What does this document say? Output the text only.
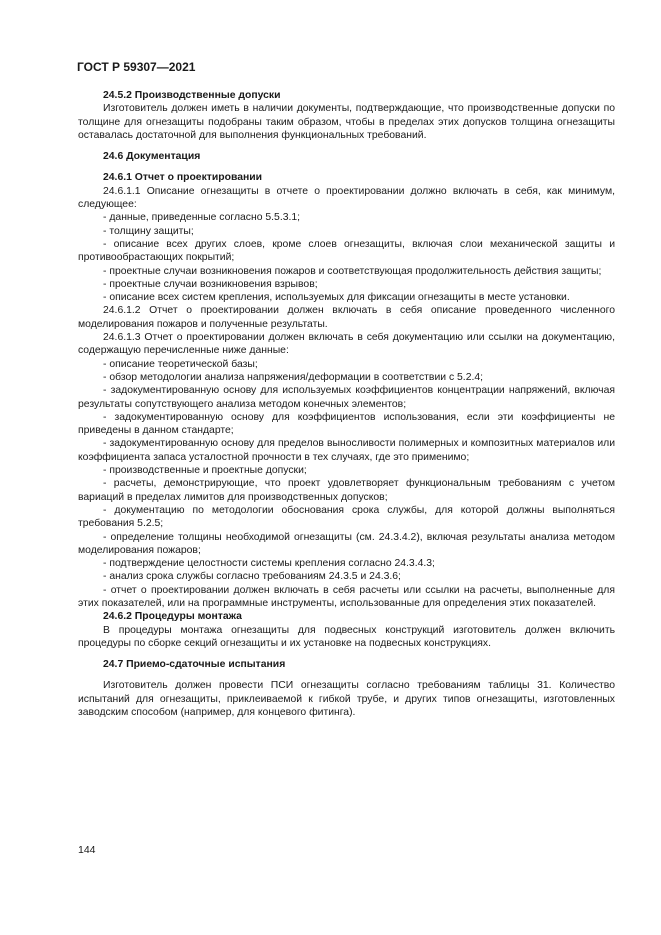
ГОСТ Р 59307—2021

24.5.2 Производственные допуски

Изготовитель должен иметь в наличии документы, подтверждающие, что производственные допуски по толщине для огнезащиты подобраны таким образом, чтобы в пределах этих допусков толщина огнезащиты оставалась достаточной для выполнения функциональных требований.

24.6 Документация

24.6.1 Отчет о проектировании

24.6.1.1 Описание огнезащиты в отчете о проектировании должно включать в себя, как минимум, следующее:

- данные, приведенные согласно 5.5.3.1;

- толщину защиты;

- описание всех других слоев, кроме слоев огнезащиты, включая слои механической защиты и противообрастающих покрытий;

- проектные случаи возникновения пожаров и соответствующая продолжительность действия защиты;

- проектные случаи возникновения взрывов;

- описание всех систем крепления, используемых для фиксации огнезащиты в месте установки.

24.6.1.2 Отчет о проектировании должен включать в себя описание проведенного численного моделирования пожаров и полученные результаты.

24.6.1.3 Отчет о проектировании должен включать в себя документацию или ссылки на документацию, содержащую перечисленные ниже данные:

- описание теоретической базы;

- обзор методологии анализа напряжения/деформации в соответствии с 5.2.4;

- задокументированную основу для используемых коэффициентов концентрации напряжений, включая результаты сопутствующего анализа методом конечных элементов;

- задокументированную основу для коэффициентов использования, если эти коэффициенты не приведены в данном стандарте;

- задокументированную основу для пределов выносливости полимерных и композитных материалов или коэффициента запаса усталостной прочности в тех случаях, где это применимо;

- производственные и проектные допуски;

- расчеты, демонстрирующие, что проект удовлетворяет функциональным требованиям с учетом вариаций в пределах лимитов для производственных допусков;

- документацию по методологии обоснования срока службы, для которой должны выполняться требования 5.2.5;

- определение толщины необходимой огнезащиты (см. 24.3.4.2), включая результаты анализа методом моделирования пожаров;

- подтверждение целостности системы крепления согласно 24.3.4.3;

- анализ срока службы согласно требованиям 24.3.5 и 24.3.6;

- отчет о проектировании должен включать в себя расчеты или ссылки на расчеты, выполненные для этих показателей, или на программные инструменты, использованные для определения этих показателей.

24.6.2 Процедуры монтажа

В процедуры монтажа огнезащиты для подвесных конструкций изготовитель должен включить процедуры по сборке секций огнезащиты и их установке на подвесных конструкциях.

24.7 Приемо-сдаточные испытания

Изготовитель должен провести ПСИ огнезащиты согласно требованиям таблицы 31. Количество испытаний для огнезащиты, приклеиваемой к гибкой трубе, и других типов огнезащиты, изготовленных заводским способом (например, для концевого фитинга).

144
